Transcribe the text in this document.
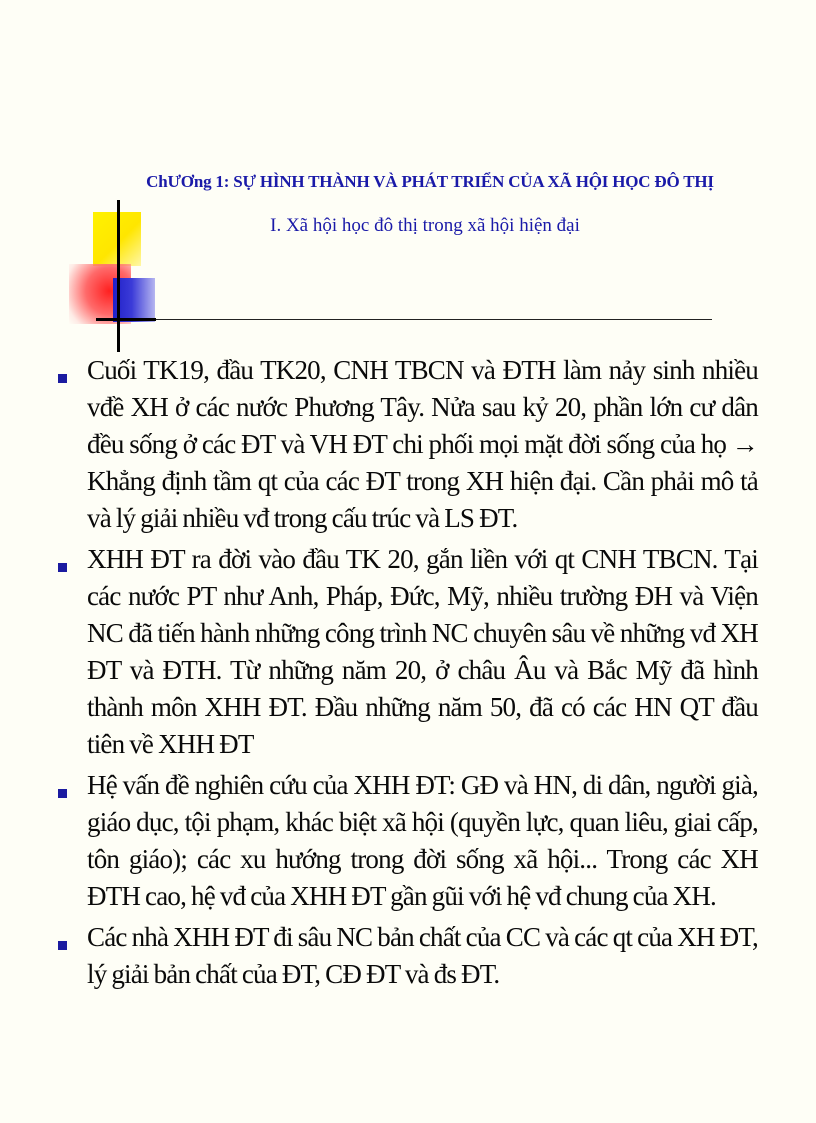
ChƯƠng 1: SỰ HÌNH THÀNH VÀ PHÁT TRIỂN CỦA XÃ HỘI HỌC ĐÔ THỊ
I. Xã hội học đô thị trong xã hội hiện đại
Cuối TK19, đầu TK20, CNH TBCN và ĐTH làm nảy sinh nhiều vđề XH ở các nước Phương Tây. Nửa sau kỷ 20, phần lớn cư dân đều sống ở các ĐT và VH ĐT chi phối mọi mặt đời sống của họ → Khẳng định tầm qt của các ĐT trong XH hiện đại. Cần phải mô tả và lý giải nhiều vđ trong cấu trúc và LS ĐT.
XHH ĐT ra đời vào đầu TK 20, gắn liền với qt CNH TBCN. Tại các nước PT như Anh, Pháp, Đức, Mỹ, nhiều trường ĐH và Viện NC đã tiến hành những công trình NC chuyên sâu về những vđ XH ĐT và ĐTH. Từ những năm 20, ở châu Âu và Bắc Mỹ đã hình thành môn XHH ĐT. Đầu những năm 50, đã có các HN QT đầu tiên về XHH ĐT
Hệ vấn đề nghiên cứu của XHH ĐT: GĐ và HN, di dân, người già, giáo dục, tội phạm, khác biệt xã hội (quyền lực, quan liêu, giai cấp, tôn giáo); các xu hướng trong đời sống xã hội... Trong các XH ĐTH cao, hệ vđ của XHH ĐT gần gũi với hệ vđ chung của XH.
Các nhà XHH ĐT đi sâu NC bản chất của CC và các qt của XH ĐT, lý giải bản chất của ĐT, CĐ ĐT và đs ĐT.
